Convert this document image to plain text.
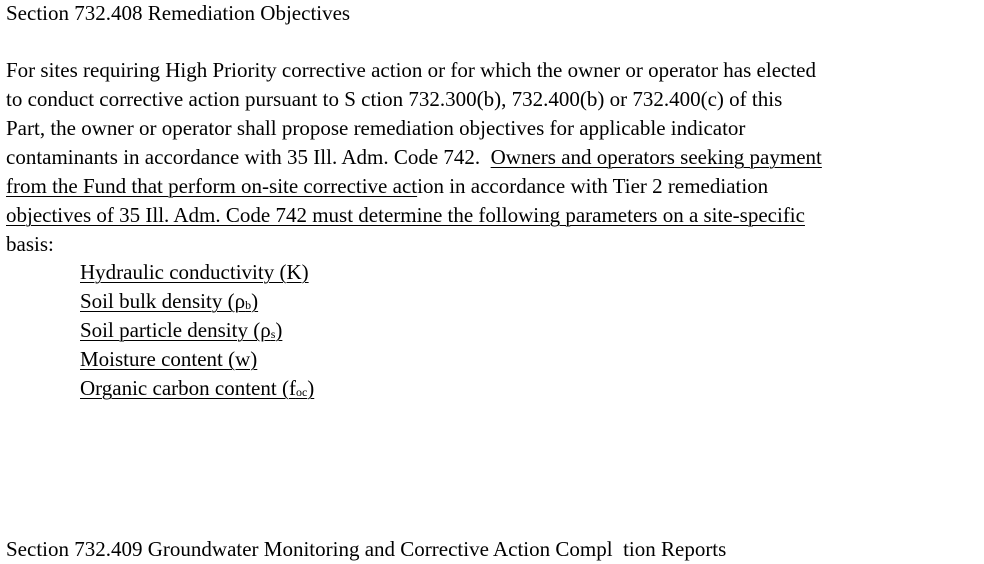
Section 732.408 Remediation Objectives
For sites requiring High Priority corrective action or for which the owner or operator has elected
to conduct corrective action pursuant to S ction 732.300(b), 732.400(b) or 732.400(c) of this
Part, the owner or operator shall propose remediation objectives for applicable indicator
contaminants in accordance with 35 Ill. Adm. Code 742.  Owners and operators seeking payment
from the Fund that perform on-site corrective action in accordance with Tier 2 remediation
objectives of 35 Ill. Adm. Code 742 must determine the following parameters on a site-specific
basis:
Hydraulic conductivity (K)
Soil bulk density $(\rho_b)$
Soil particle density $(\rho_s)$
Moisture content (w)
Organic carbon content $(f_{oc})$
Section 732.409 Groundwater Monitoring and Corrective Action Compl  tion Reports
